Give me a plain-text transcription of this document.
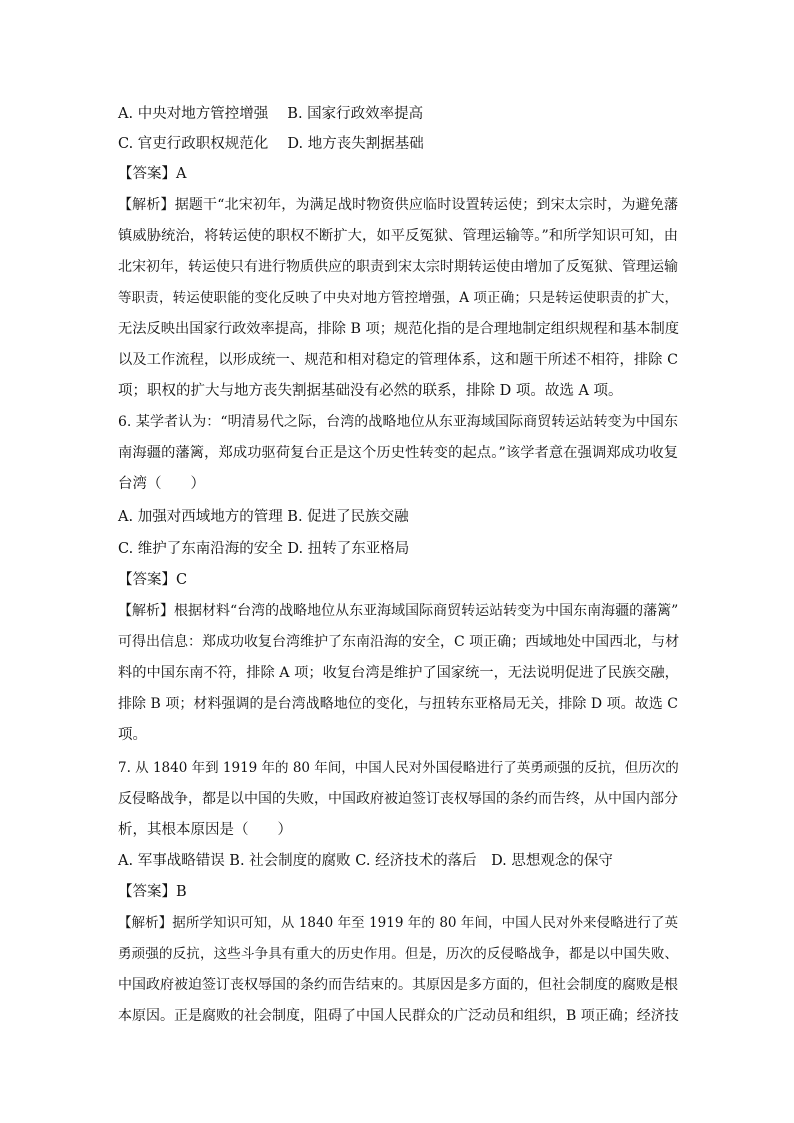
A. 中央对地方管控增强　 B. 国家行政效率提高
C. 官吏行政职权规范化　 D. 地方丧失割据基础
【答案】A
【解析】据题干“北宋初年，为满足战时物资供应临时设置转运使；到宋太宗时，为避免藩
镇威胁统治，将转运使的职权不断扩大，如平反冤狱、管理运输等。”和所学知识可知，由
北宋初年，转运使只有进行物质供应的职责到宋太宗时期转运使由增加了反冤狱、管理运输
等职责，转运使职能的变化反映了中央对地方管控增强，A 项正确；只是转运使职责的扩大，
无法反映出国家行政效率提高，排除 B 项；规范化指的是合理地制定组织规程和基本制度
以及工作流程，以形成统一、规范和相对稳定的管理体系，这和题干所述不相符，排除 C
项；职权的扩大与地方丧失割据基础没有必然的联系，排除 D 项。故选 A 项。
6. 某学者认为：“明清易代之际，台湾的战略地位从东亚海域国际商贸转运站转变为中国东
南海疆的藩篱，郑成功驱荷复台正是这个历史性转变的起点。”该学者意在强调郑成功收复
台湾（　　）
A. 加强对西域地方的管理 B. 促进了民族交融
C. 维护了东南沿海的安全 D. 扭转了东亚格局
【答案】C
【解析】根据材料“台湾的战略地位从东亚海域国际商贸转运站转变为中国东南海疆的藩篱”
可得出信息：郑成功收复台湾维护了东南沿海的安全，C 项正确；西域地处中国西北，与材
料的中国东南不符，排除 A 项；收复台湾是维护了国家统一，无法说明促进了民族交融，
排除 B 项；材料强调的是台湾战略地位的变化，与扭转东亚格局无关，排除 D 项。故选 C
项。
7. 从 1840 年到 1919 年的 80 年间，中国人民对外国侵略进行了英勇顽强的反抗，但历次的
反侵略战争，都是以中国的失败，中国政府被迫签订丧权辱国的条约而告终，从中国内部分
析，其根本原因是（　　）
A. 军事战略错误 B. 社会制度的腐败 C. 经济技术的落后　D. 思想观念的保守
【答案】B
【解析】据所学知识可知，从 1840 年至 1919 年的 80 年间，中国人民对外来侵略进行了英
勇顽强的反抗，这些斗争具有重大的历史作用。但是，历次的反侵略战争，都是以中国失败、
中国政府被迫签订丧权辱国的条约而告结束的。其原因是多方面的，但社会制度的腐败是根
本原因。正是腐败的社会制度，阻碍了中国人民群众的广泛动员和组织，B 项正确；经济技
